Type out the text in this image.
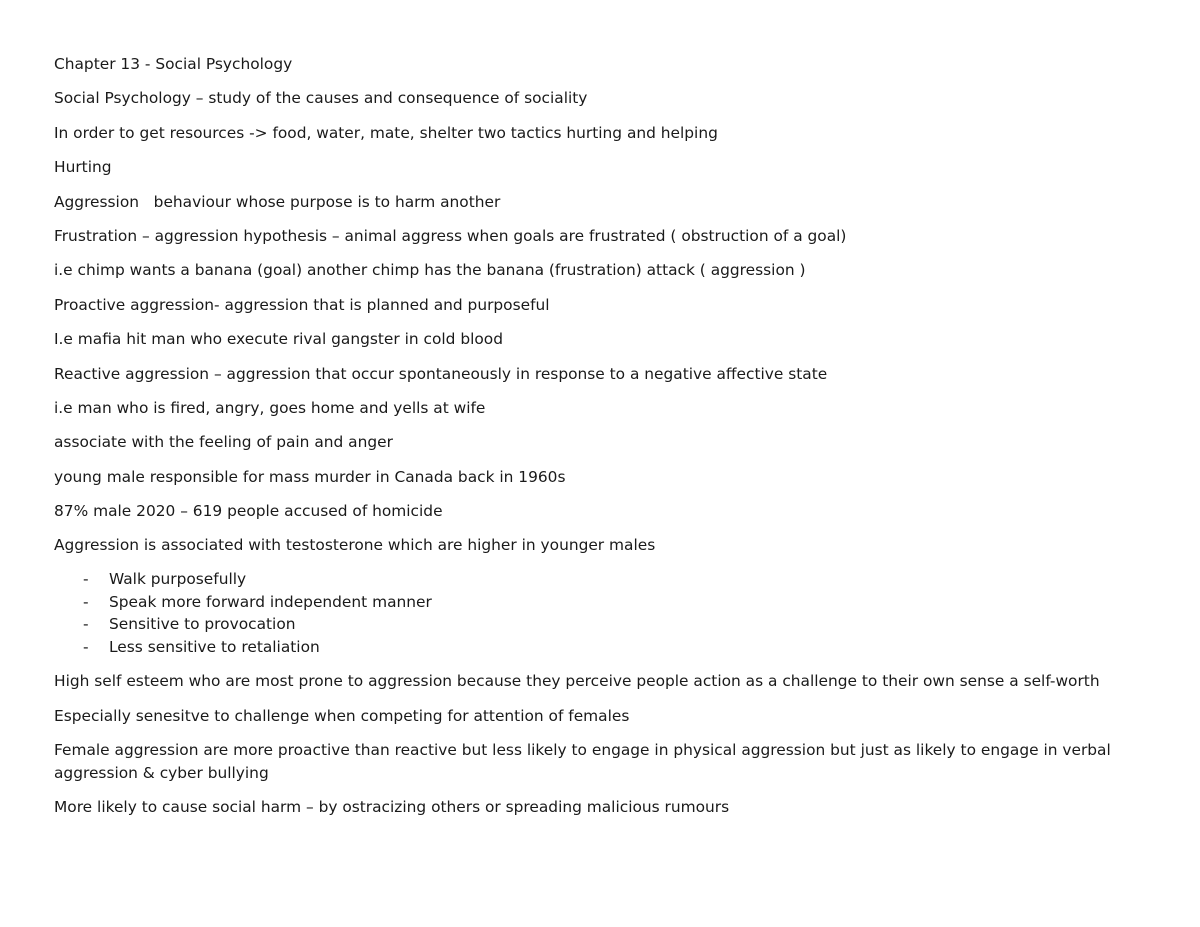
Chapter 13 - Social Psychology

Social Psychology – study of the causes and consequence of sociality

In order to get resources -> food, water, mate, shelter two tactics hurting and helping

Hurting

Aggression   behaviour whose purpose is to harm another

Frustration – aggression hypothesis – animal aggress when goals are frustrated ( obstruction of a goal)

i.e chimp wants a banana (goal) another chimp has the banana (frustration) attack ( aggression )

Proactive aggression- aggression that is planned and purposeful

I.e mafia hit man who execute rival gangster in cold blood

Reactive aggression – aggression that occur spontaneously in response to a negative affective state

i.e man who is fired, angry, goes home and yells at wife

associate with the feeling of pain and anger

young male responsible for mass murder in Canada back in 1960s

87% male 2020 – 619 people accused of homicide

Aggression is associated with testosterone which are higher in younger males

- Walk purposefully
- Speak more forward independent manner
- Sensitive to provocation
- Less sensitive to retaliation

High self esteem who are most prone to aggression because they perceive people action as a challenge to their own sense a self-worth

Especially senesitve to challenge when competing for attention of females

Female aggression are more proactive than reactive but less likely to engage in physical aggression but just as likely to engage in verbal aggression & cyber bullying

More likely to cause social harm – by ostracizing others or spreading malicious rumours
